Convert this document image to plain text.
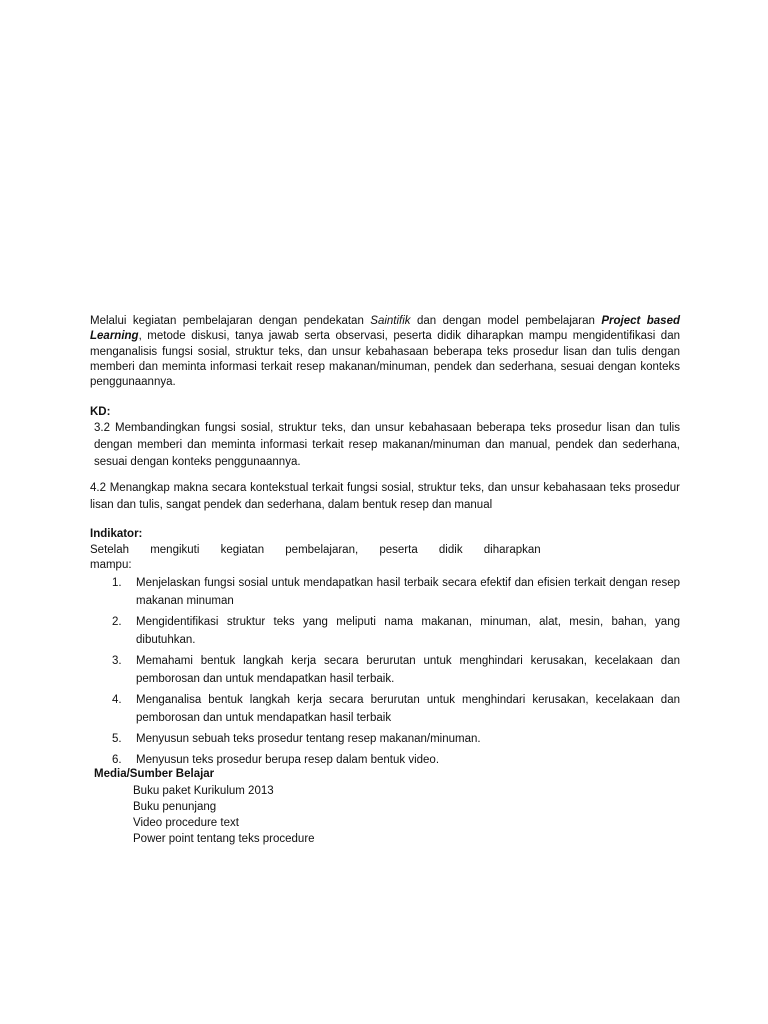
Melalui kegiatan pembelajaran dengan pendekatan Saintifik dan dengan model pembelajaran Project based Learning, metode diskusi, tanya jawab serta observasi, peserta didik diharapkan mampu mengidentifikasi dan menganalisis fungsi sosial, struktur teks, dan unsur kebahasaan beberapa teks prosedur lisan dan tulis dengan memberi dan meminta informasi terkait resep makanan/minuman, pendek dan sederhana, sesuai dengan konteks penggunaannya.

KD:

3.2 Membandingkan fungsi sosial, struktur teks, dan unsur kebahasaan beberapa teks prosedur lisan dan tulis dengan memberi dan meminta informasi terkait resep makanan/minuman dan manual, pendek dan sederhana, sesuai dengan konteks penggunaannya.

4.2 Menangkap makna secara kontekstual terkait fungsi sosial, struktur teks, dan unsur kebahasaan teks prosedur lisan dan tulis, sangat pendek dan sederhana, dalam bentuk resep dan manual

Indikator:
Setelah mengikuti kegiatan pembelajaran, peserta didik diharapkan
mampu:
1. Menjelaskan fungsi sosial untuk mendapatkan hasil terbaik secara efektif dan efisien terkait dengan resep makanan minuman
2. Mengidentifikasi struktur teks yang meliputi nama makanan, minuman, alat, mesin, bahan, yang dibutuhkan.
3. Memahami bentuk langkah kerja secara berurutan untuk menghindari kerusakan, kecelakaan dan pemborosan dan untuk mendapatkan hasil terbaik.
4. Menganalisa bentuk langkah kerja secara berurutan untuk menghindari kerusakan, kecelakaan dan pemborosan dan untuk mendapatkan hasil terbaik
5. Menyusun sebuah teks prosedur tentang resep makanan/minuman.
6. Menyusun teks prosedur berupa resep dalam bentuk video.
Media/Sumber Belajar
Buku paket Kurikulum 2013
Buku penunjang
Video procedure text
Power point tentang teks procedure
